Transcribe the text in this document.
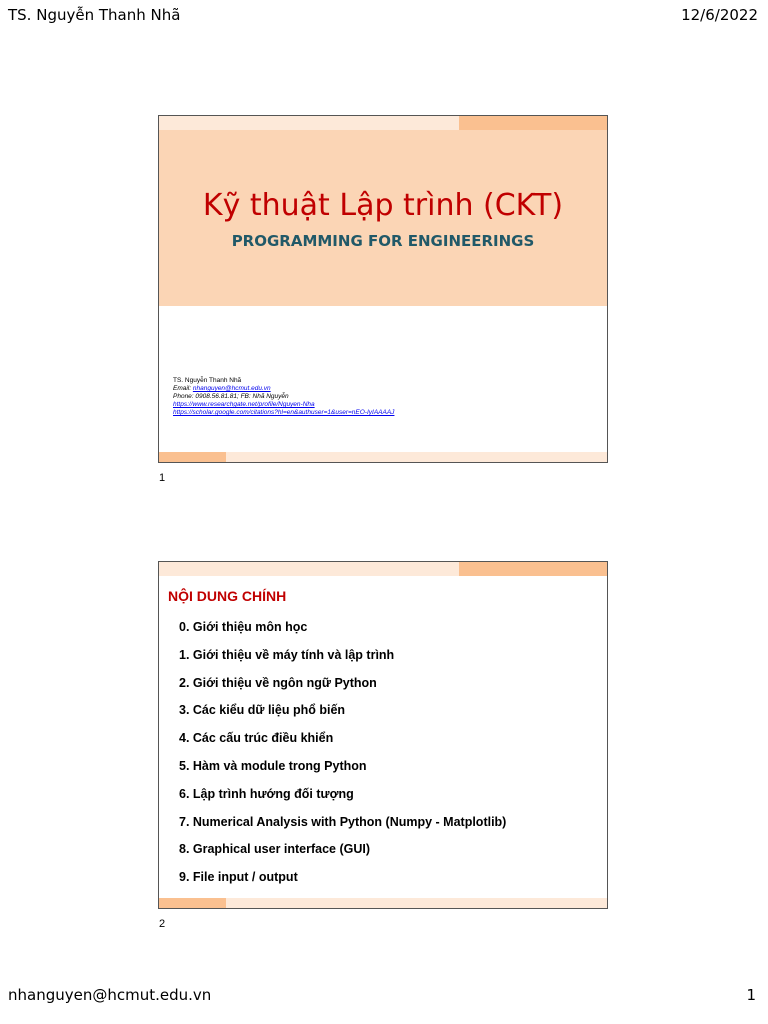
TS. Nguyễn Thanh Nhã	12/6/2022
Kỹ thuật Lập trình (CKT)
PROGRAMMING FOR ENGINEERINGS
TS. Nguyễn Thanh Nhã
Email: nhanguyen@hcmut.edu.vn
Phone: 0908.56.81.81; FB: Nhã Nguyễn
https://www.researchgate.net/profile/Nguyen-Nha
https://scholar.google.com/citations?hl=en&authuser=1&user=nEO-IyIAAAAJ
1
NỘI DUNG CHÍNH
0. Giới thiệu môn học
1. Giới thiệu về máy tính và lập trình
2. Giới thiệu về ngôn ngữ Python
3. Các kiểu dữ liệu phổ biến
4. Các cấu trúc điều khiển
5. Hàm và module trong Python
6. Lập trình hướng đối tượng
7. Numerical Analysis with Python (Numpy - Matplotlib)
8. Graphical user interface (GUI)
9. File input / output
2
nhanguyen@hcmut.edu.vn	1
